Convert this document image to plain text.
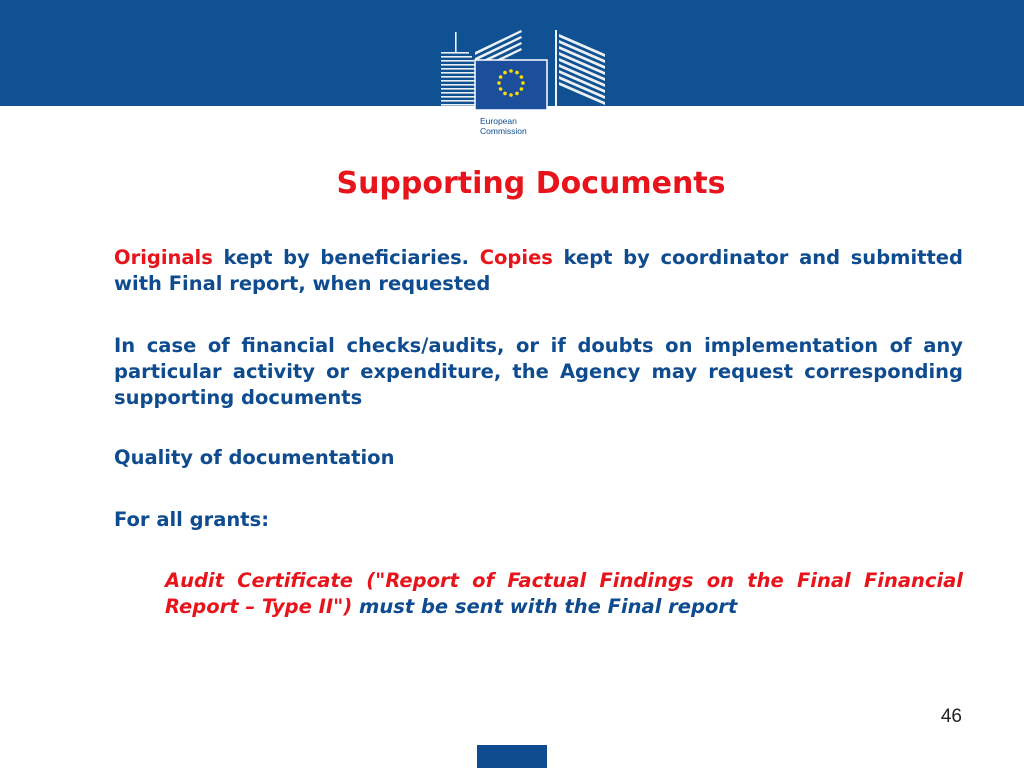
European
Commission
Supporting Documents

Originals kept by beneficiaries. Copies kept by coordinator and submitted with Final report, when requested

In case of financial checks/audits, or if doubts on implementation of any particular activity or expenditure, the Agency may request corresponding supporting documents

Quality of documentation

For all grants:

Audit Certificate ("Report of Factual Findings on the Final Financial Report – Type II") must be sent with the Final report

46
